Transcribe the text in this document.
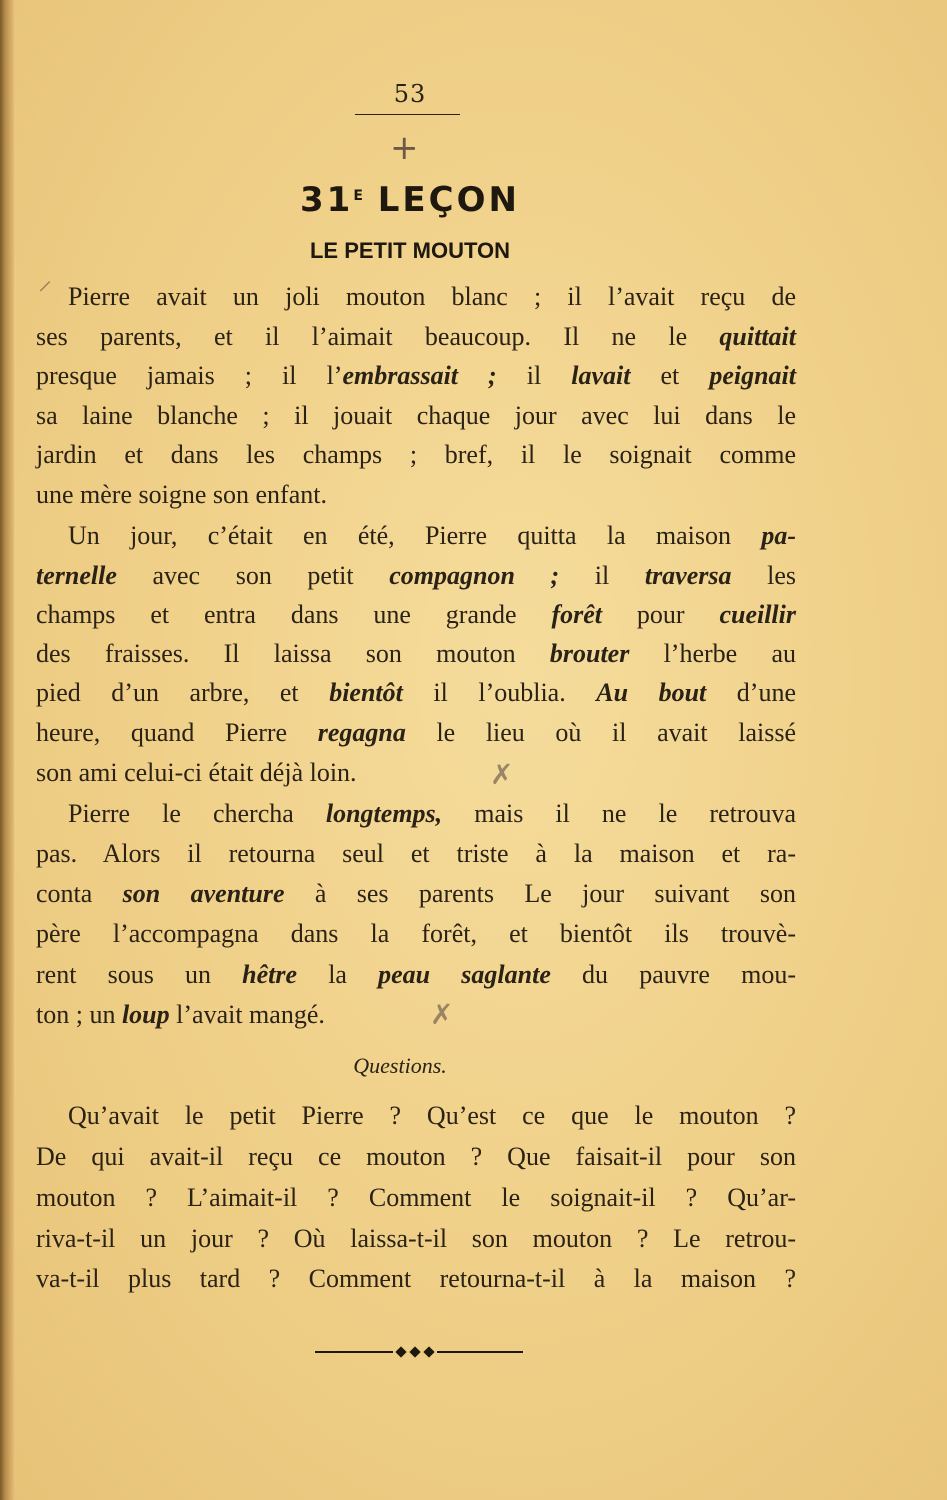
53
+
$31^E$ LEÇON
LE PETIT MOUTON

Pierre avait un joli mouton blanc ; il l’avait reçu de

ses parents, et il l’aimait beaucoup. Il ne le quittait

presque jamais ; il l’embrassait ; il lavait et peignait

sa laine blanche ; il jouait chaque jour avec lui dans le

jardin et dans les champs ; bref, il le soignait comme

une mère soigne son enfant.

Un jour, c’était en été, Pierre quitta la maison pa-

ternelle avec son petit compagnon ; il traversa les

champs et entra dans une grande forêt pour cueillir

des fraisses. Il laissa son mouton brouter l’herbe au

pied d’un arbre, et bientôt il l’oublia. Au bout d’une

heure, quand Pierre regagna le lieu où il avait laissé

son ami celui-ci était déjà loin.

Pierre le chercha longtemps, mais il ne le retrouva

pas. Alors il retourna seul et triste à la maison et ra-

conta son aventure à ses parents Le jour suivant son

père l’accompagna dans la forêt, et bientôt ils trouvè-

rent sous un hêtre la peau saglante du pauvre mou-

ton ; un loup l’avait mangé.

Questions.

Qu’avait le petit Pierre ? Qu’est ce que le mouton ?

De qui avait-il reçu ce mouton ? Que faisait-il pour son

mouton ? L’aimait-il ? Comment le soignait-il ? Qu’ar-

riva-t-il un jour ? Où laissa-t-il son mouton ? Le retrou-

va-t-il plus tard ? Comment retourna-t-il à la maison ?

⸍
✗
✗
